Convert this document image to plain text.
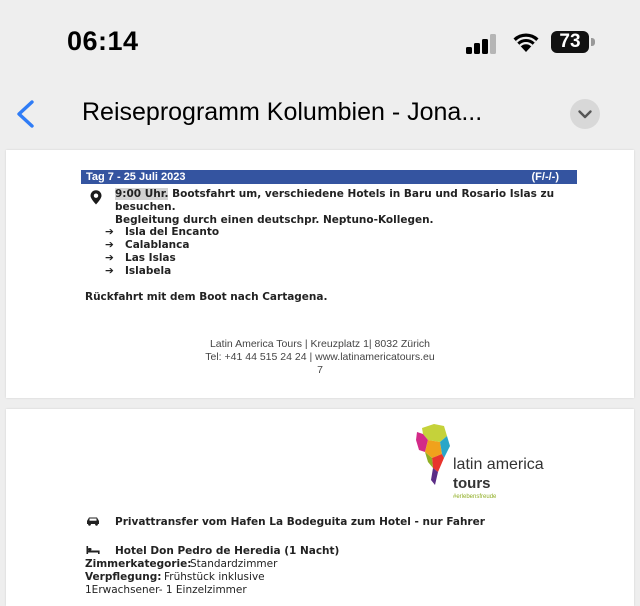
06:14	73
Reiseprogramm Kolumbien - Jona...
Tag 7 - 25 Juli 2023	(F/-/-)
9:00 Uhr. Bootsfahrt um, verschiedene Hotels in Baru und Rosario Islas zu besuchen.
Begleitung durch einen deutschpr. Neptuno-Kollegen.
➔ Isla del Encanto
➔ Calablanca
➔ Las Islas
➔ Islabela
Rückfahrt mit dem Boot nach Cartagena.
Latin America Tours | Kreuzplatz 1| 8032 Zürich
Tel: +41 44 515 24 24 | www.latinamericatours.eu
7
latin america
tours
#erlebensfreude
Privattransfer vom Hafen La Bodeguita zum Hotel - nur Fahrer
Hotel Don Pedro de Heredia (1 Nacht)
Zimmerkategorie:
Standardzimmer
Verpflegung: Frühstück inklusive
1Erwachsener- 1 Einzelzimmer
